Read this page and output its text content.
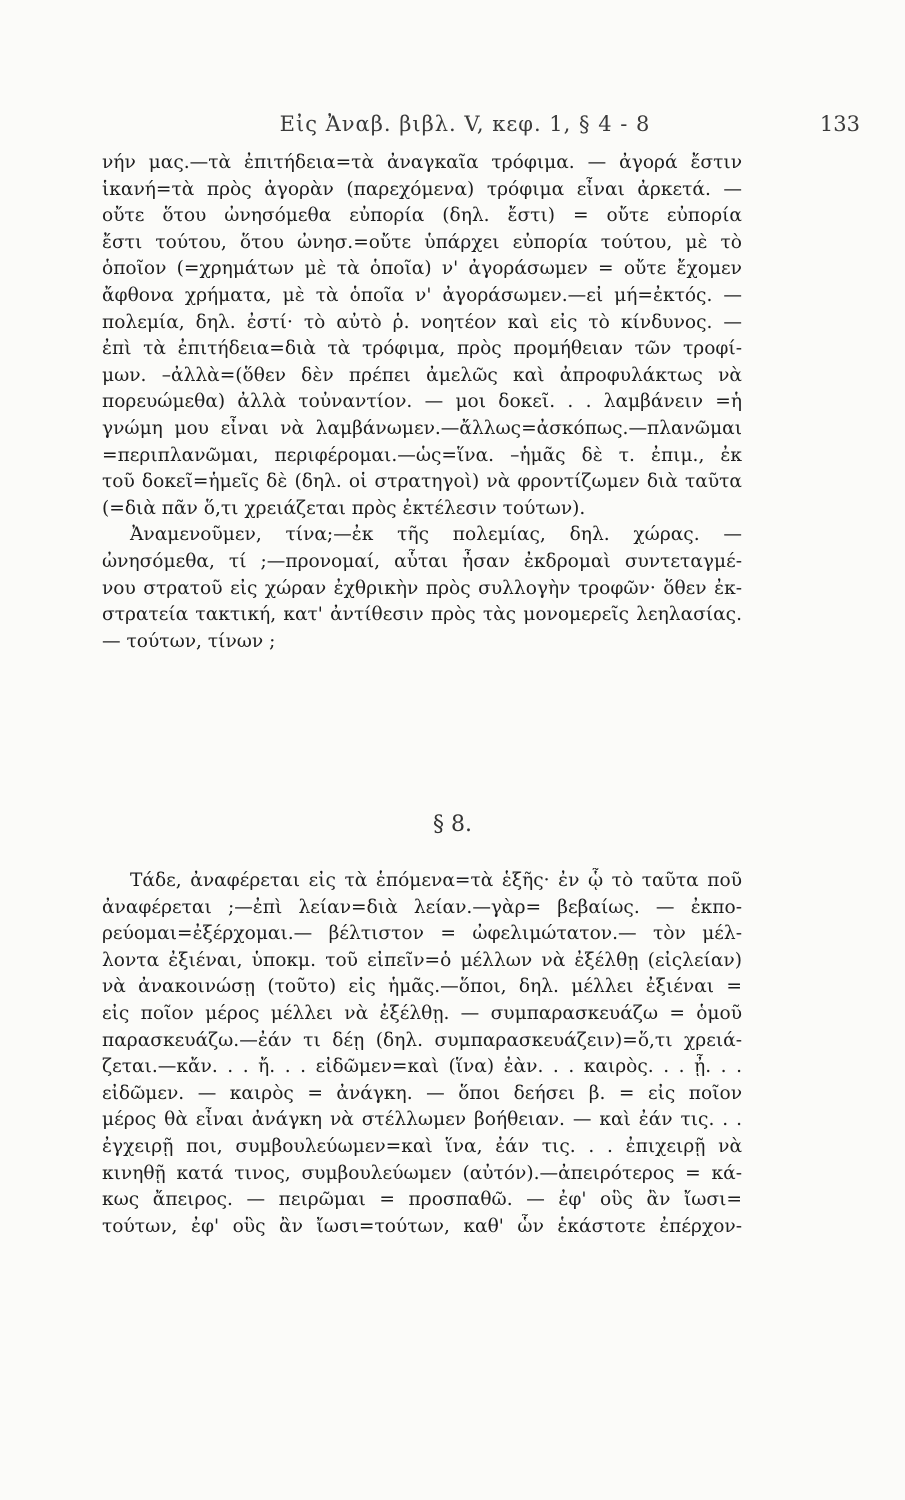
Εἰς Ἀναβ. βιβλ. V, κεφ. 1, § 4 - 8	133
νήν μας.—τὰ ἐπιτήδεια=τὰ ἀναγκαῖα τρόφιμα. — ἀγορά ἔστιν
ἱκανή=τὰ πρὸς ἀγορὰν (παρεχόμενα) τρόφιμα εἶναι ἀρκετά. —
οὔτε ὅτου ὠνησόμεθα εὐπορία (δηλ. ἔστι) = οὔτε εὐπορία
ἔστι τούτου, ὅτου ὠνησ.=οὔτε ὑπάρχει εὐπορία τούτου, μὲ τὸ
ὁποῖον (=χρημάτων μὲ τὰ ὁποῖα) ν' ἀγοράσωμεν = οὔτε ἔχομεν
ἄφθονα χρήματα, μὲ τὰ ὁποῖα ν' ἀγοράσωμεν.—εἰ μή=ἐκτός. —
πολεμία, δηλ. ἐστί· τὸ αὐτὸ ῥ. νοητέον καὶ εἰς τὸ κίνδυνος. —
ἐπὶ τὰ ἐπιτήδεια=διὰ τὰ τρόφιμα, πρὸς προμήθειαν τῶν τροφί-
μων. –ἀλλὰ=(ὅθεν δὲν πρέπει ἀμελῶς καὶ ἀπροφυλάκτως νὰ
πορευώμεθα) ἀλλὰ τοὐναντίον. — μοι δοκεῖ. . . λαμβάνειν =ἡ
γνώμη μου εἶναι νὰ λαμβάνωμεν.—ἄλλως=ἀσκόπως.—πλανῶμαι
=περιπλανῶμαι, περιφέρομαι.—ὡς=ἵνα. –ἡμᾶς δὲ τ. ἐπιμ., ἐκ
τοῦ δοκεῖ=ἡμεῖς δὲ (δηλ. οἱ στρατηγοὶ) νὰ φροντίζωμεν διὰ ταῦτα
(=διὰ πᾶν ὅ,τι χρειάζεται πρὸς ἐκτέλεσιν τούτων).
Ἀναμενοῦμεν, τίνα;—ἐκ τῆς πολεμίας, δηλ. χώρας. —
ὠνησόμεθα, τί ;—προνομαί, αὗται ἦσαν ἐκδρομαὶ συντεταγμέ-
νου στρατοῦ εἰς χώραν ἐχθρικὴν πρὸς συλλογὴν τροφῶν· ὅθεν ἐκ-
στρατεία τακτική, κατ' ἀντίθεσιν πρὸς τὰς μονομερεῖς λεηλασίας.
— τούτων, τίνων ;
§ 8.
Τάδε, ἀναφέρεται εἰς τὰ ἑπόμενα=τὰ ἑξῆς· ἐν ᾧ τὸ ταῦτα ποῦ
ἀναφέρεται ;—ἐπὶ λείαν=διὰ λείαν.—γὰρ= βεβαίως. — ἐκπο-
ρεύομαι=ἐξέρχομαι.— βέλτιστον = ὠφελιμώτατον.— τὸν μέλ-
λοντα ἐξιέναι, ὑποκμ. τοῦ εἰπεῖν=ὁ μέλλων νὰ ἐξέλθῃ (εἰςλείαν)
νὰ ἀνακοινώσῃ (τοῦτο) εἰς ἡμᾶς.—ὅποι, δηλ. μέλλει ἐξιέναι =
εἰς ποῖον μέρος μέλλει νὰ ἐξέλθῃ. — συμπαρασκευάζω = ὁμοῦ
παρασκευάζω.—ἐάν τι δέῃ (δηλ. συμπαρασκευάζειν)=ὅ,τι χρειά-
ζεται.—κἄν. . . ἤ. . . εἰδῶμεν=καὶ (ἵνα) ἐὰν. . . καιρὸς. . . ᾖ. . .
εἰδῶμεν. — καιρὸς = ἀνάγκη. — ὅποι δεήσει β. = εἰς ποῖον
μέρος θὰ εἶναι ἀνάγκη νὰ στέλλωμεν βοήθειαν. — καὶ ἐάν τις. . .
ἐγχειρῇ ποι, συμβουλεύωμεν=καὶ ἵνα, ἐάν τις. . . ἐπιχειρῇ νὰ
κινηθῇ κατά τινος, συμβουλεύωμεν (αὐτόν).—ἀπειρότερος = κά-
κως ἄπειρος. — πειρῶμαι = προσπαθῶ. — ἐφ' οὓς ἂν ἴωσι=
τούτων, ἐφ' οὓς ἂν ἴωσι=τούτων, καθ' ὧν ἑκάστοτε ἐπέρχον-
